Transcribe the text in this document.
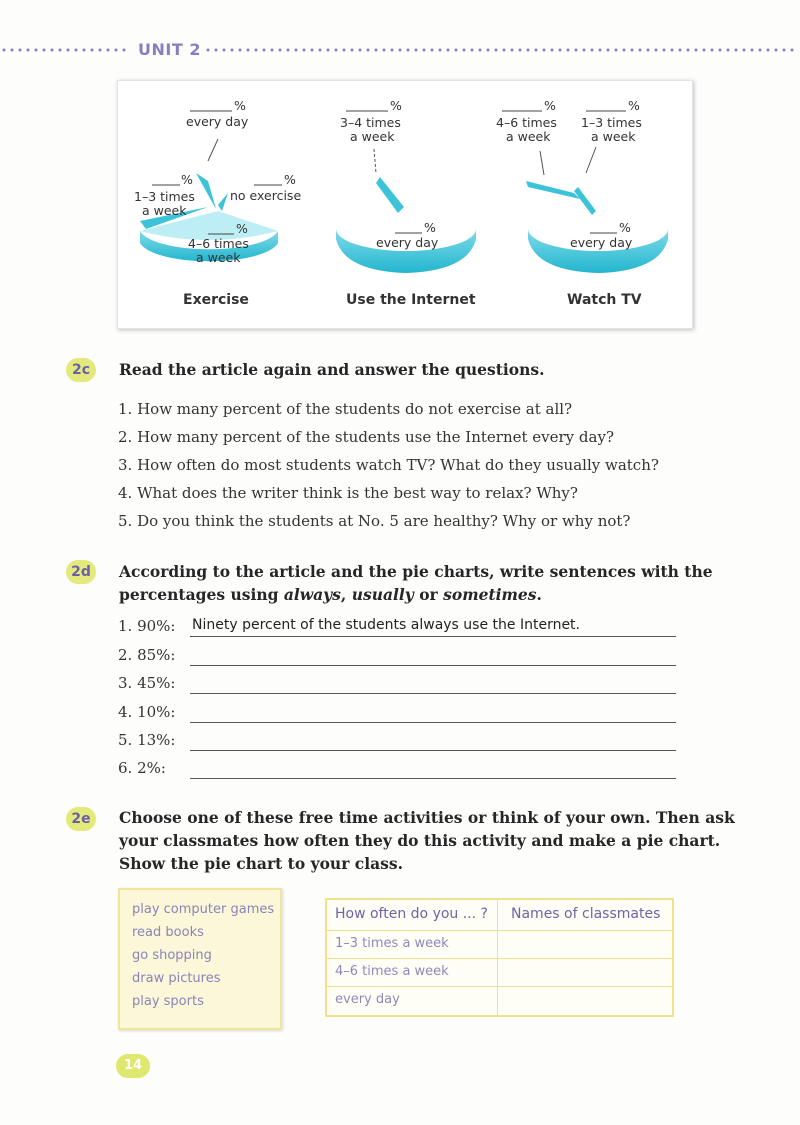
UNIT 2
%
every day
%
1–3 times
a week
%
no exercise
%
4–6 times
a week
Exercise
%
3–4 times
a week
%
every day
Use the Internet
%
4–6 times
a week
%
1–3 times
a week
%
every day
Watch TV
2c	Read the article again and answer the questions.
1. How many percent of the students do not exercise at all?
2. How many percent of the students use the Internet every day?
3. How often do most students watch TV? What do they usually watch?
4. What does the writer think is the best way to relax? Why?
5. Do you think the students at No. 5 are healthy? Why or why not?
2d	According to the article and the pie charts, write sentences with the
percentages using always, usually or sometimes.
1. 90%: Ninety percent of the students always use the Internet.
2. 85%:
3. 45%:
4. 10%:
5. 13%:
6. 2%:
2e	Choose one of these free time activities or think of your own. Then ask
your classmates how often they do this activity and make a pie chart.
Show the pie chart to your class.
play computer games
read books
go shopping
draw pictures
play sports
How often do you ... ? Names of classmates
1–3 times a week
4–6 times a week
every day
14
